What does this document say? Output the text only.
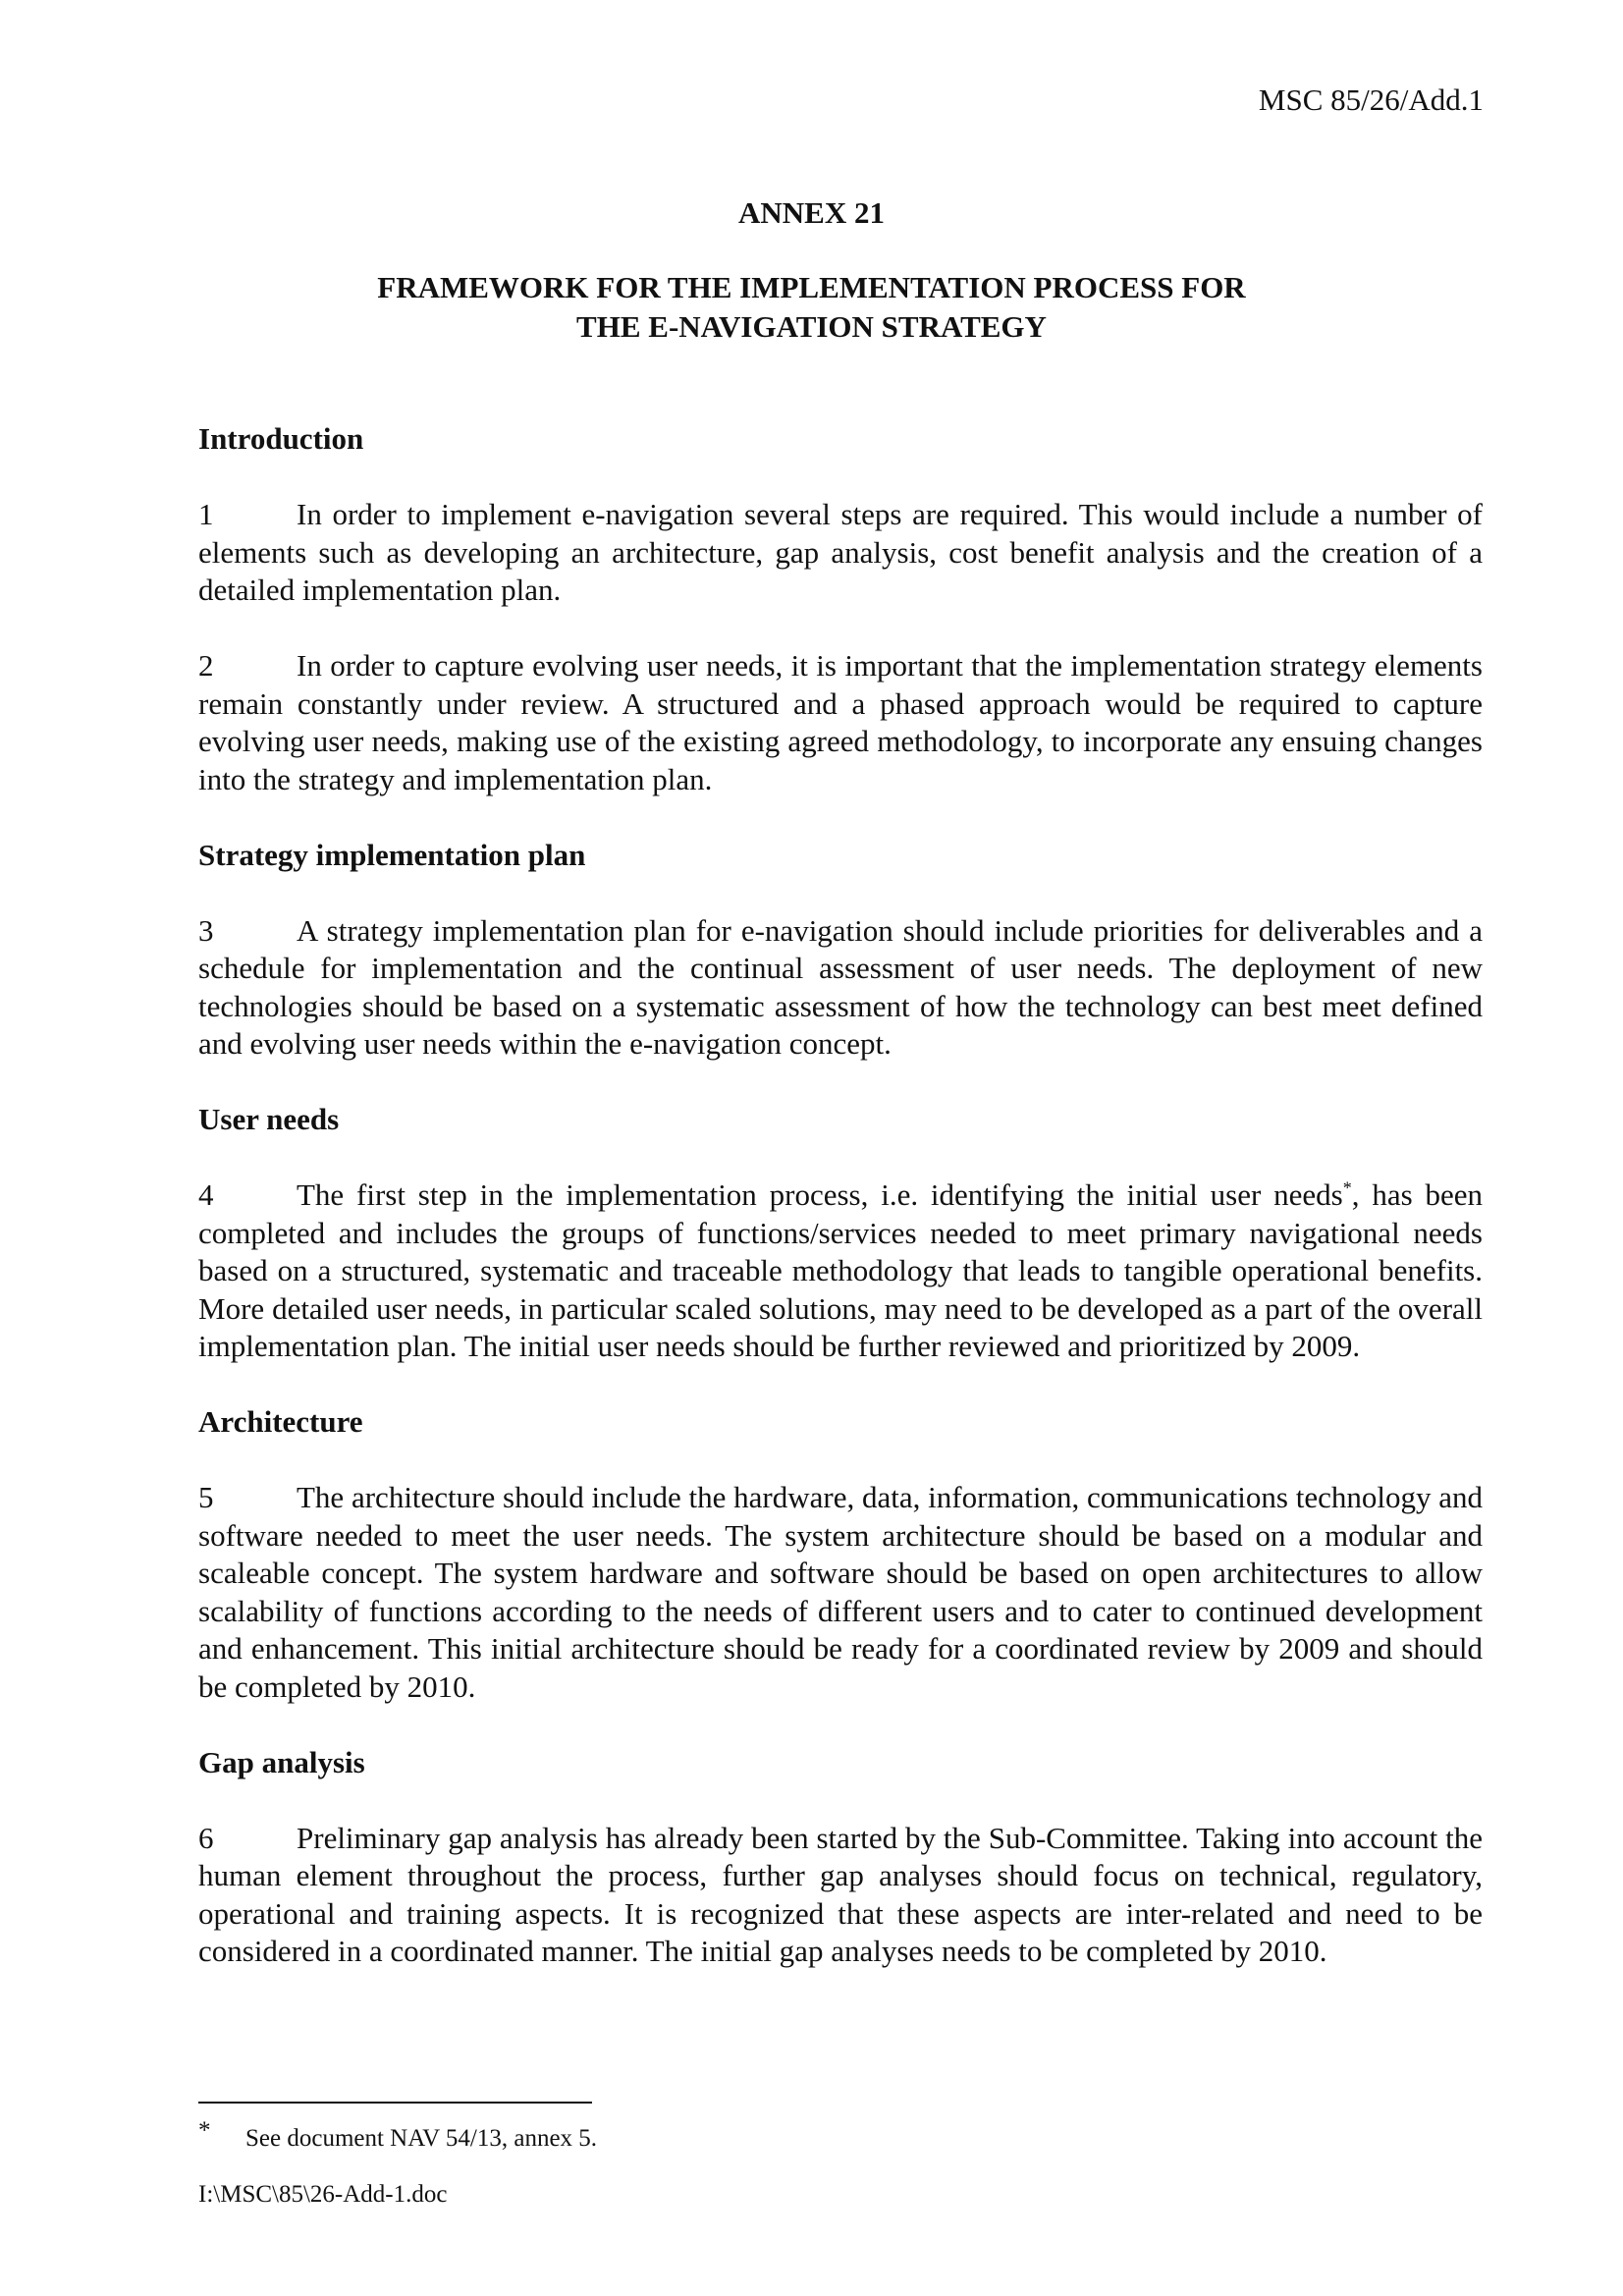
MSC 85/26/Add.1

ANNEX 21

FRAMEWORK FOR THE IMPLEMENTATION PROCESS FOR
THE E-NAVIGATION STRATEGY
Introduction

1	In order to implement e-navigation several steps are required. This would include a number of elements such as developing an architecture, gap analysis, cost benefit analysis and the creation of a detailed implementation plan.

2	In order to capture evolving user needs, it is important that the implementation strategy elements remain constantly under review. A structured and a phased approach would be required to capture evolving user needs, making use of the existing agreed methodology, to incorporate any ensuing changes into the strategy and implementation plan.

Strategy implementation plan

3	A strategy implementation plan for e-navigation should include priorities for deliverables and a schedule for implementation and the continual assessment of user needs. The deployment of new technologies should be based on a systematic assessment of how the technology can best meet defined and evolving user needs within the e-navigation concept.

User needs

4	The first step in the implementation process, i.e. identifying the initial user needs*, has been completed and includes the groups of functions/services needed to meet primary navigational needs based on a structured, systematic and traceable methodology that leads to tangible operational benefits. More detailed user needs, in particular scaled solutions, may need to be developed as a part of the overall implementation plan. The initial user needs should be further reviewed and prioritized by 2009.

Architecture

5	The architecture should include the hardware, data, information, communications technology and software needed to meet the user needs. The system architecture should be based on a modular and scaleable concept. The system hardware and software should be based on open architectures to allow scalability of functions according to the needs of different users and to cater to continued development and enhancement. This initial architecture should be ready for a coordinated review by 2009 and should be completed by 2010.

Gap analysis

6	Preliminary gap analysis has already been started by the Sub-Committee. Taking into account the human element throughout the process, further gap analyses should focus on technical, regulatory, operational and training aspects. It is recognized that these aspects are inter-related and need to be considered in a coordinated manner. The initial gap analyses needs to be completed by 2010.

* See document NAV 54/13, annex 5.

I:\MSC\85\26-Add-1.doc
